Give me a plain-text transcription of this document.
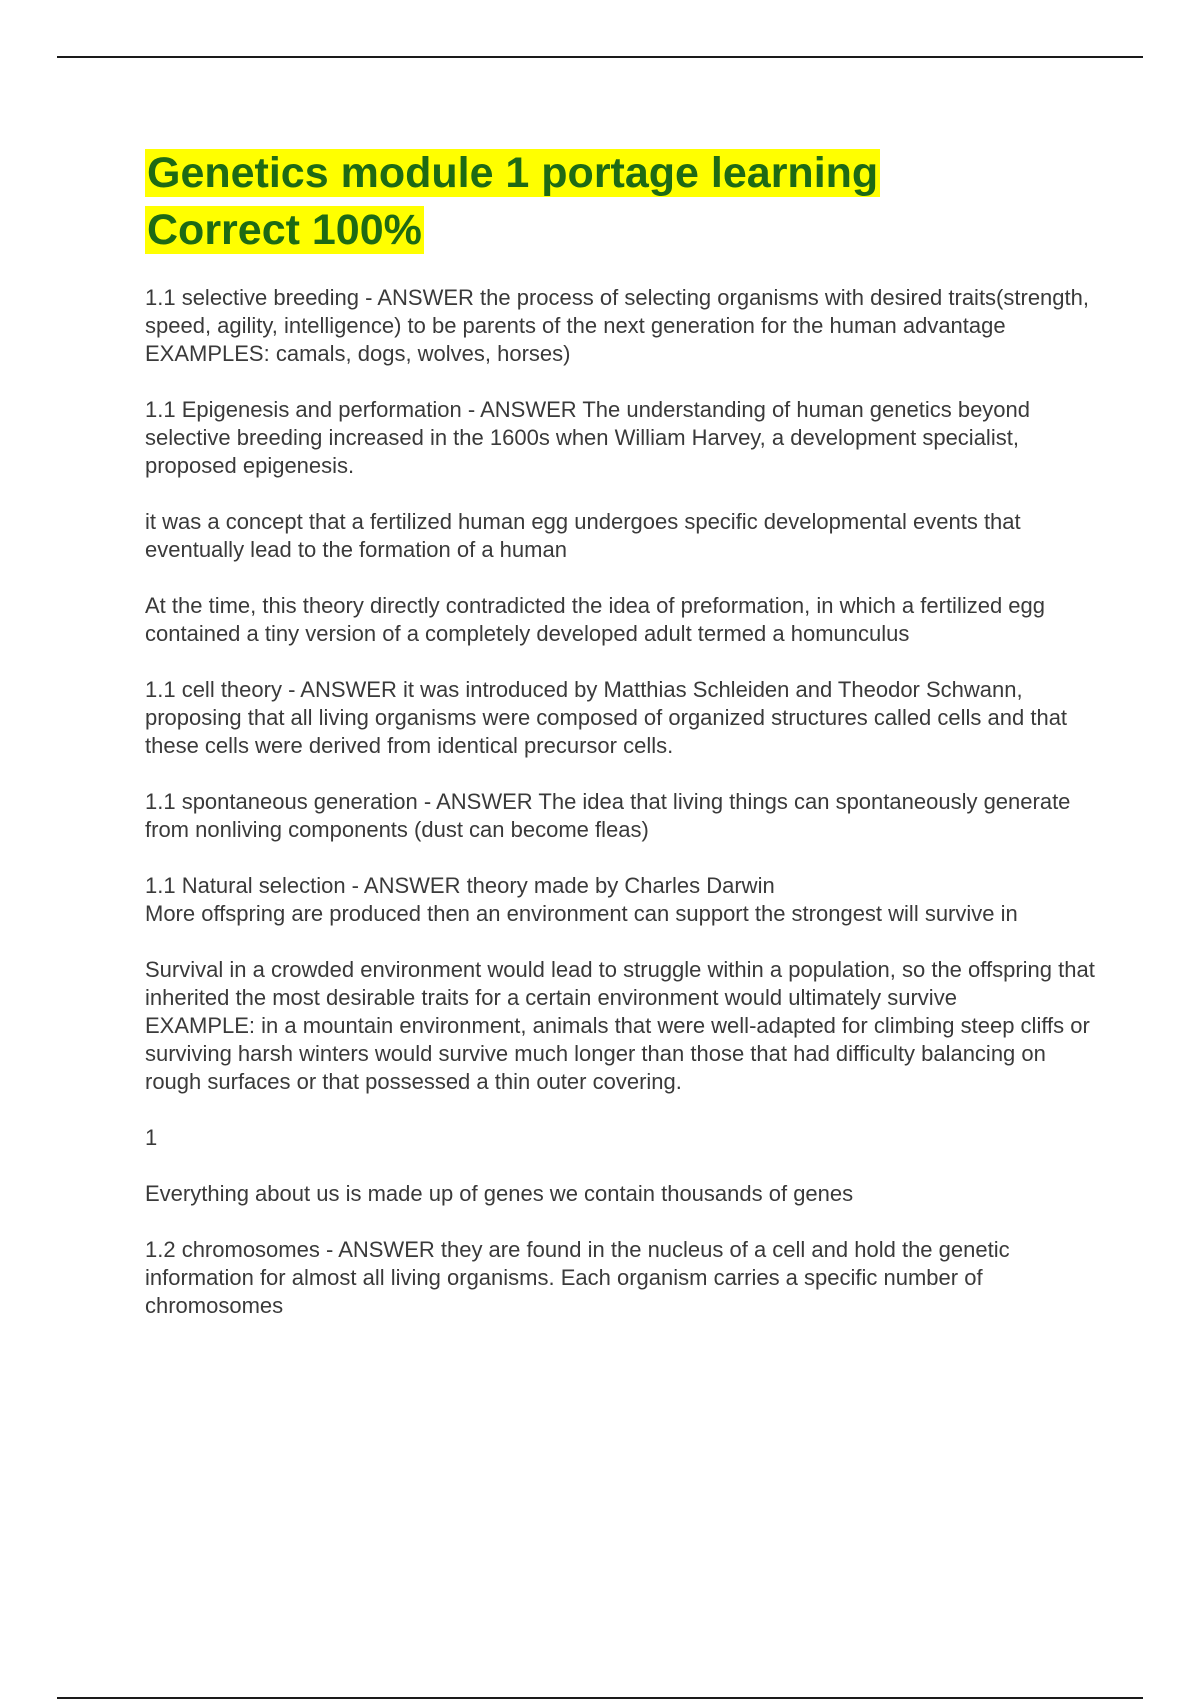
Genetics module 1 portage learning
Correct 100%

1.1 selective breeding - ANSWER the process of selecting organisms with desired traits(strength, speed, agility, intelligence) to be parents of the next generation for the human advantage
EXAMPLES: camals, dogs, wolves, horses)

1.1 Epigenesis and performation - ANSWER The understanding of human genetics beyond selective breeding increased in the 1600s when William Harvey, a development specialist, proposed epigenesis.

it was a concept that a fertilized human egg undergoes specific developmental events that eventually lead to the formation of a human

At the time, this theory directly contradicted the idea of preformation, in which a fertilized egg contained a tiny version of a completely developed adult termed a homunculus

1.1 cell theory - ANSWER it was introduced by Matthias Schleiden and Theodor Schwann, proposing that all living organisms were composed of organized structures called cells and that these cells were derived from identical precursor cells.

1.1 spontaneous generation - ANSWER The idea that living things can spontaneously generate from nonliving components (dust can become fleas)

1.1 Natural selection - ANSWER theory made by Charles Darwin
More offspring are produced then an environment can support the strongest will survive in

Survival in a crowded environment would lead to struggle within a population, so the offspring that inherited the most desirable traits for a certain environment would ultimately survive
EXAMPLE: in a mountain environment, animals that were well-adapted for climbing steep cliffs or surviving harsh winters would survive much longer than those that had difficulty balancing on rough surfaces or that possessed a thin outer covering.

1

Everything about us is made up of genes we contain thousands of genes

1.2 chromosomes - ANSWER they are found in the nucleus of a cell and hold the genetic information for almost all living organisms. Each organism carries a specific number of chromosomes
